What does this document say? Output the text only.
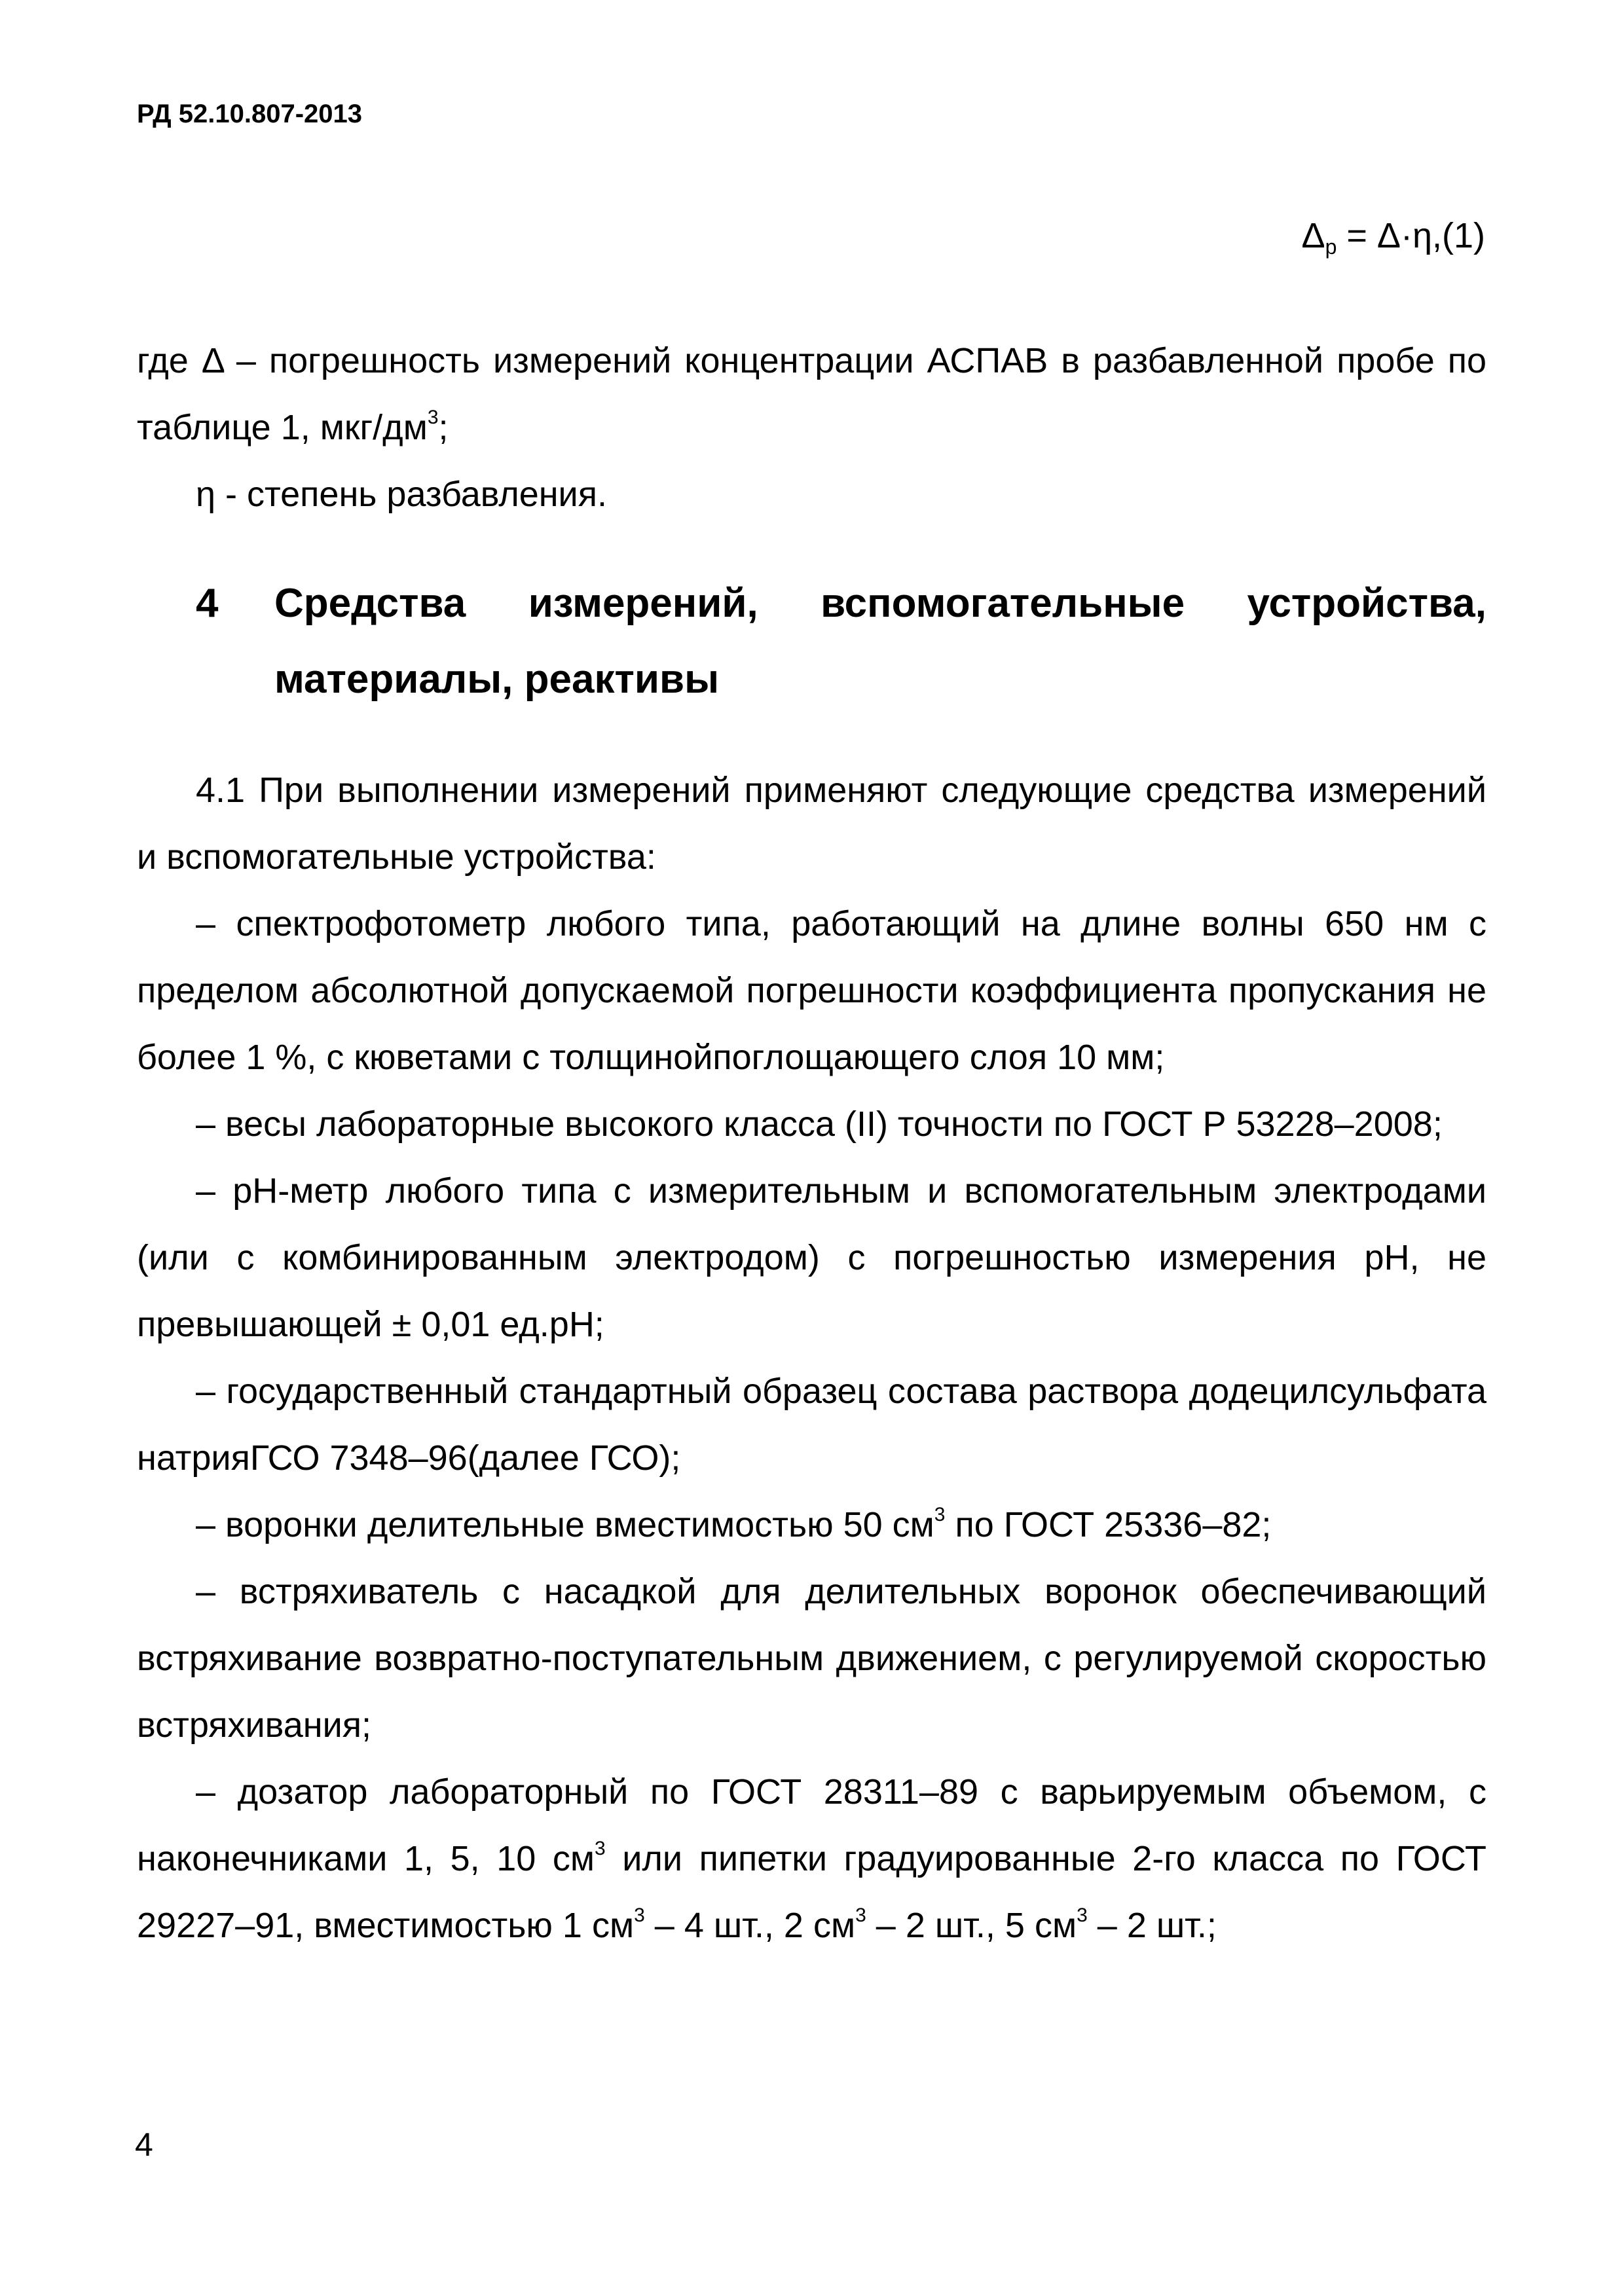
РД 52.10.807-2013
$\Delta_р = \Delta\cdot\eta,(1)$

где Δ – погрешность измерений концентрации АСПАВ в разбавленной пробе по таблице 1, мкг/$дм^3$;

η - степень разбавления.

4	Средства измерений, вспомогательные устройства, материалы, реактивы

4.1 При выполнении измерений применяют следующие средства измерений и вспомогательные устройства:

– спектрофотометр любого типа, работающий на длине волны 650 нм с пределом абсолютной допускаемой погрешности коэффициента пропускания не более 1 %, с кюветами с толщинойпоглощающего слоя 10 мм;

– весы лабораторные высокого класса (II) точности по ГОСТ Р 53228–2008;

– pH-метр любого типа с измерительным и вспомогательным электродами (или с комбинированным электродом) с погрешностью измерения pH, не превышающей ± 0,01 ед.pH;

– государственный стандартный образец состава раствора додецилсульфата натрияГСО 7348–96(далее ГСО);

– воронки делительные вместимостью 50 $см^3$ по ГОСТ 25336–82;

– встряхиватель с насадкой для делительных воронок обеспечивающий встряхивание возвратно-поступательным движением, с регулируемой скоростью встряхивания;

– дозатор лабораторный по ГОСТ 28311–89 с варьируемым объемом, с наконечниками 1, 5, 10 $см^3$ или пипетки градуированные 2-го класса по ГОСТ 29227–91, вместимостью 1 $см^3 - 4$ шт., 2 $см^3 - 2$ шт., 5 $см^3 - 2$ шт.;

4
